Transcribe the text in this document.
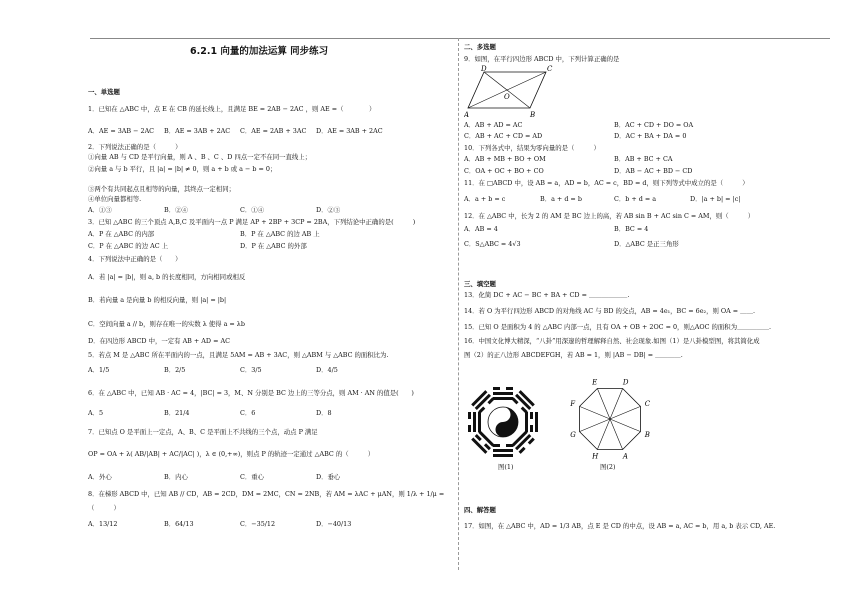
6.2.1 向量的加法运算 同步练习
一、单选题
1．已知在 △ABC 中，点 E 在 CB 的延长线上，且满足 BE = 2AB − 2AC ，则 AE =（　　　　）
A．AE = 3AB − 2AC B．AE = 3AB + 2AC C．AE = 2AB + 3AC D．AE = 3AB + 2AC
2．下列说法正确的是（　　　）
①向量 AB 与 CD 是平行向量，则 A 、B 、C 、D 四点一定不在同一直线上；
②向量 a 与 b 平行，且 |a| = |b| ≠ 0，则 a + b 或 a − b = 0；
③两个有共同起点且相等的向量，其终点一定相同；
④单位向量都相等.
A．①③	B．②④	C．①④	D．②③
3．已知 △ABC 的三个顶点 A,B,C 及平面内一点 P 满足 AP + 2BP + 3CP = 2BA，下列结论中正确的是(　　　)
A．P 在 △ABC 的内部	B．P 在 △ABC 的边 AB 上
C．P 在 △ABC 的边 AC 上	D．P 在 △ABC 的外部
4．下列说法中正确的是（　　）
A．若 |a| = |b|，则 a, b 的长度相同，方向相同或相反
B．若向量 a 是向量 b 的相反向量，则 |a| = |b|
C．空间向量 a // b，则存在唯一的实数 λ 使得 a = λb
D．在四边形 ABCD 中，一定有 AB + AD = AC
5．若点 M 是 △ABC 所在平面内的一点，且满足 5AM = AB + 3AC，则 △ABM 与 △ABC 的面积比为.
A．1/5	B．2/5	C．3/5	D．4/5
6．在 △ABC 中，已知 AB · AC = 4，|BC| = 3，M、N 分别是 BC 边上的三等分点，则 AM · AN 的值是(　　)
A．5	B．21/4	C．6	D．8
7．已知点 O 是平面上一定点，A、B、C 是平面上不共线的三个点，动点 P 满足
OP = OA + λ( AB/|AB| + AC/|AC| )，λ ∈ (0,+∞)，则点 P 的轨迹一定通过 △ABC 的（　　　）
A．外心	B．内心	C．重心	D．垂心
8．在梯形 ABCD 中，已知 AB // CD，AB = 2CD，DM = 2MC，CN = 2NB，若 AM = λAC + μAN，则 1/λ + 1/μ =
（　　　）
A．13/12	B．64/13	C．−35/12	D．−40/13
二、多选题
9．如图，在平行四边形 ABCD 中，下列计算正确的是
A．AB + AD = AC	B．AC + CD + DO = OA
C．AB + AC + CD = AD	D．AC + BA + DA = 0
10．下列各式中，结果为零向量的是（　　　）
A．AB + MB + BO + OM	B．AB + BC + CA
C．OA + OC + BO + CO	D．AB − AC + BD − CD
11．在 □ABCD 中，设 AB = a，AD = b，AC = c，BD = d，则下列等式中成立的是（　　　）
A．a + b = c	B．a + d = b	C．b + d = a	D．|a + b| = |c|
12．在 △ABC 中，长为 2 的 AM 是 BC 边上的高，若 AB sin B + AC sin C = AM，则（　　　）
A．AB = 4	B．BC = 4
C．S△ABC = 4√3	D．△ABC 是正三角形
三、填空题
13．化简 DC + AC − BC + BA + CD = ＿＿＿＿＿＿.
14．若 O 为平行四边形 ABCD 的对角线 AC 与 BD 的交点，AB = 4e₁，BC = 6e₂，则 OA = ＿＿.
15．已知 O 是面积为 4 的 △ABC 内部一点，且有 OA + OB + 2OC = 0，则△AOC 的面积为＿＿＿＿＿.
16．中国文化博大精深，“八卦”用深邃的哲理解释自然、社会现象.如图（1）是八卦模型图，将其简化成
图（2）的正八边形 ABCDEFGH，若 AB = 1，则 |AB − DB| = ＿＿＿＿.
图(1)	图(2)
四、解答题
17．如图，在 △ABC 中，AD = 1/3 AB，点 E 是 CD 的中点，设 AB = a, AC = b，用 a, b 表示 CD, AE.
D	C
O
A	B
E	D
C
B
A
H
G
F
